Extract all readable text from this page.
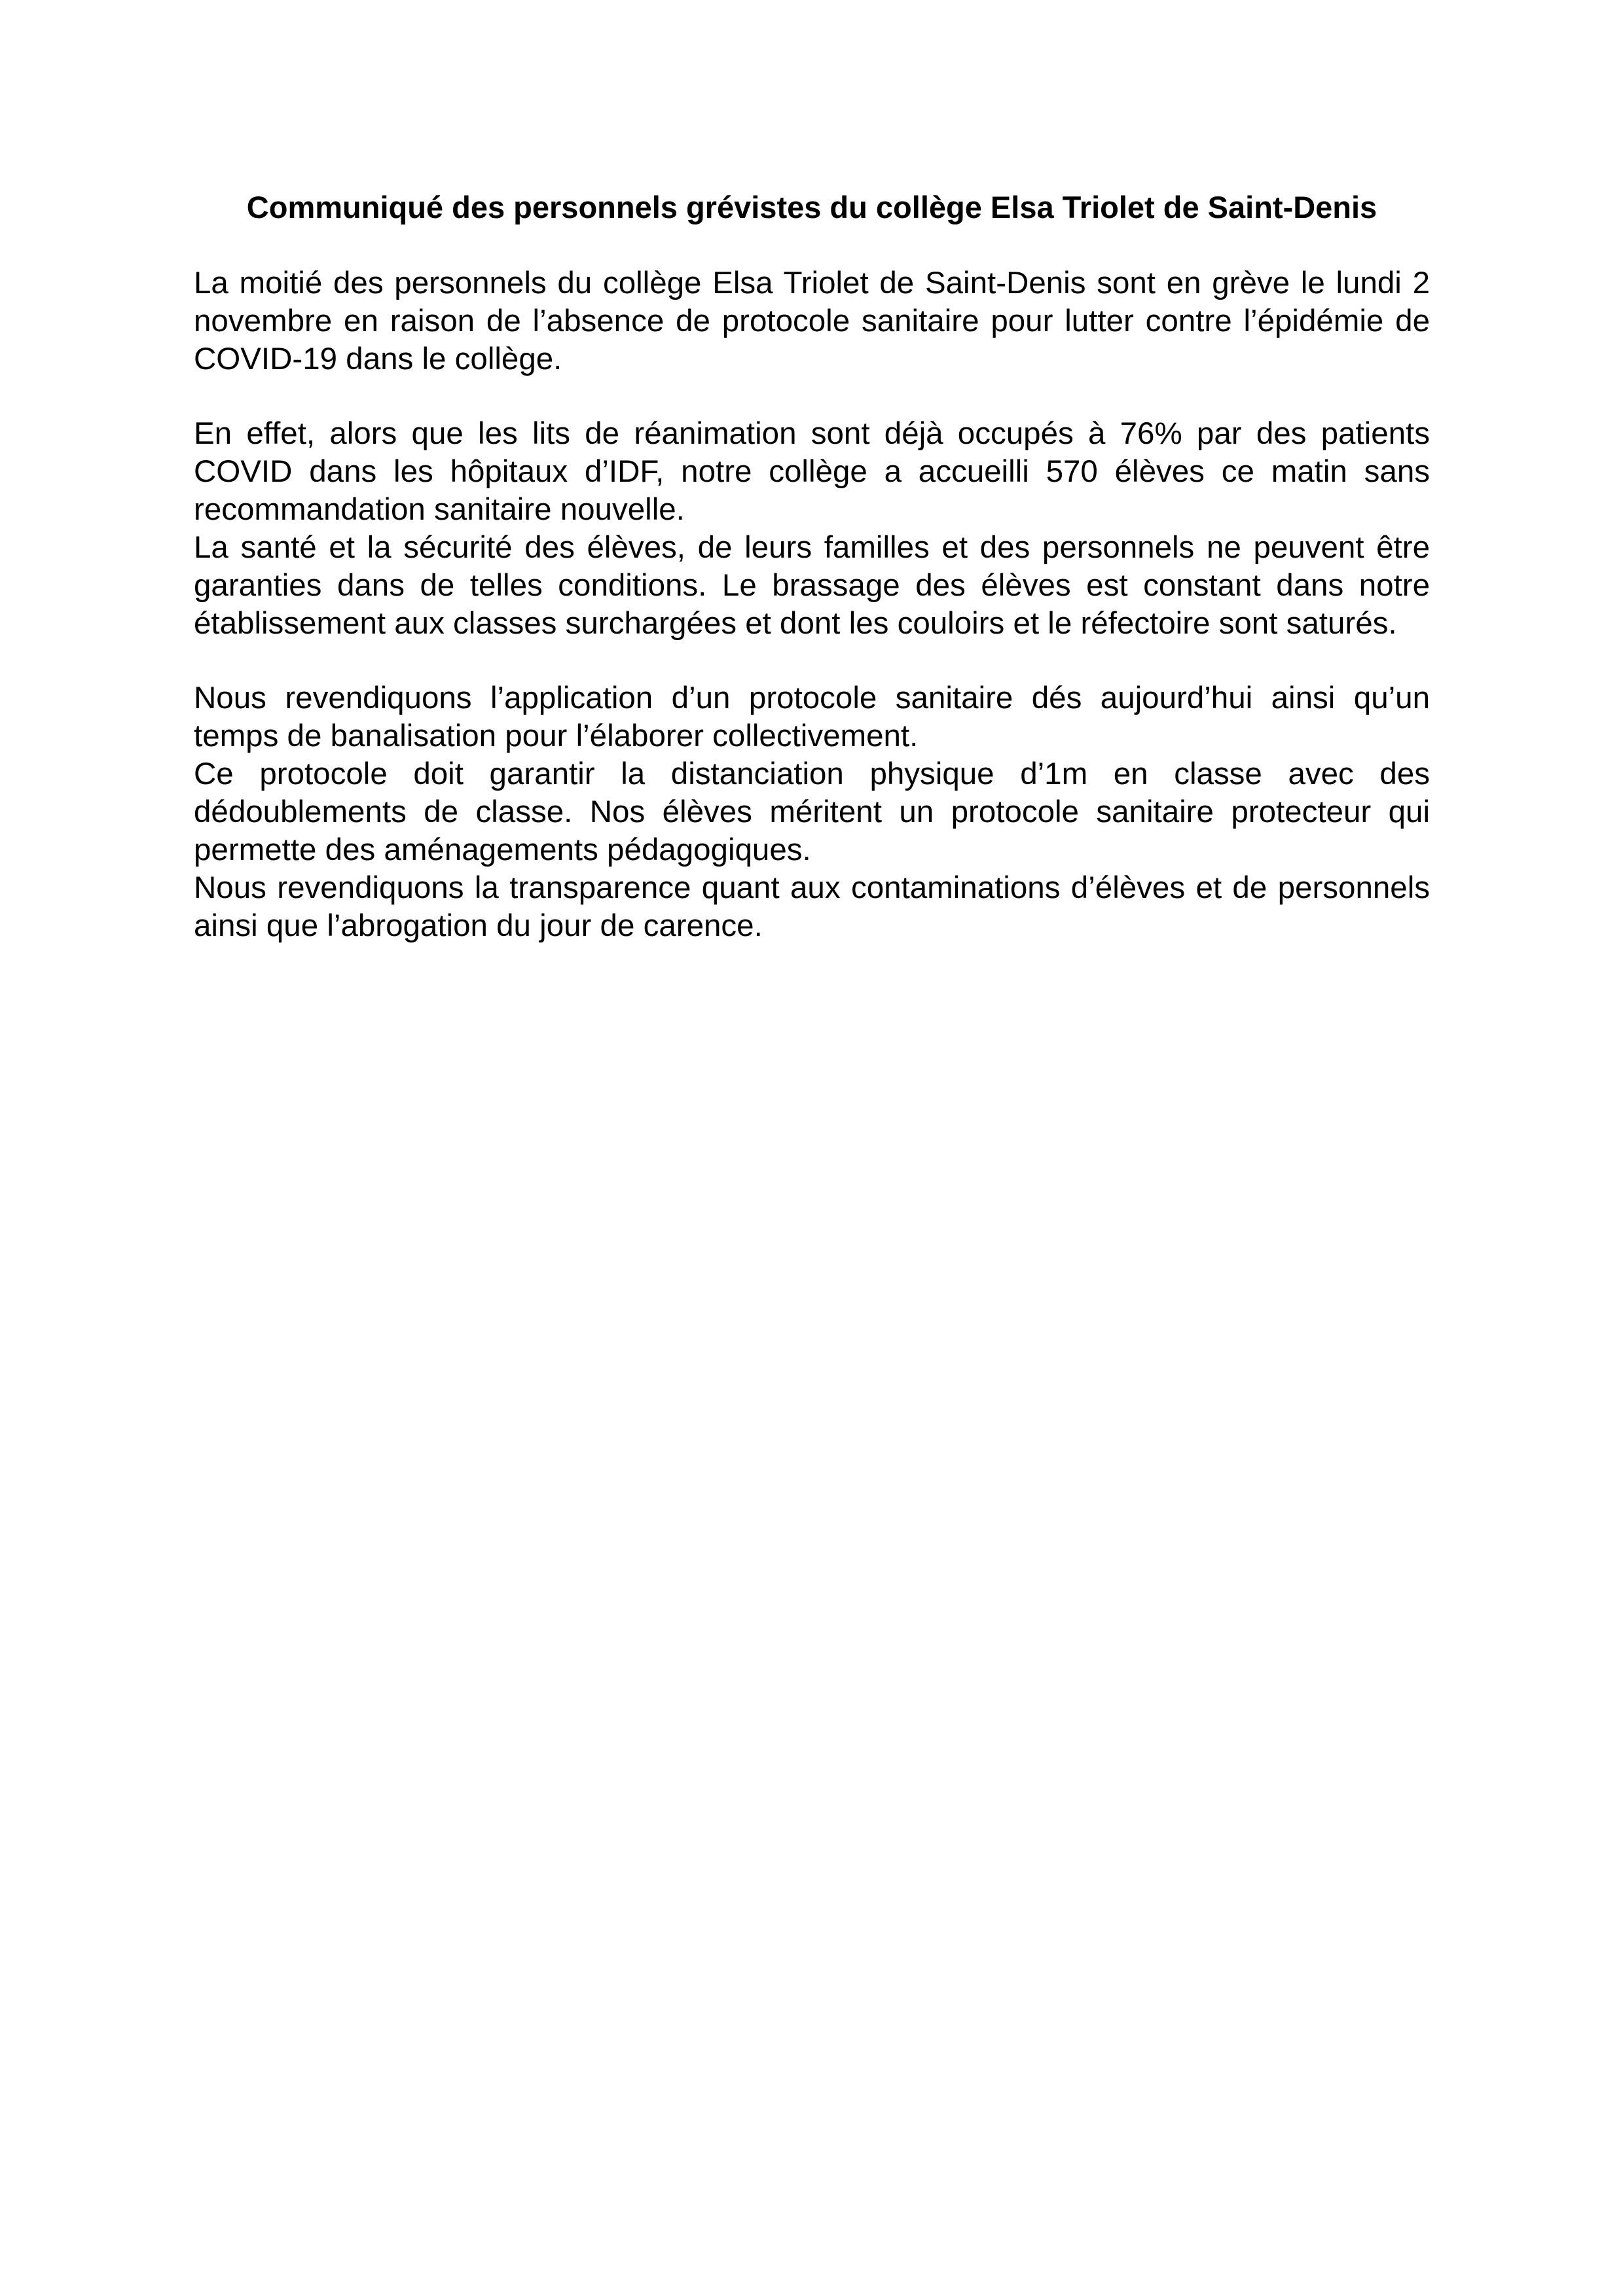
Communiqué des personnels grévistes du collège Elsa Triolet de Saint-Denis

La moitié des personnels du collège Elsa Triolet de Saint-Denis sont en grève le lundi 2 novembre en raison de l’absence de protocole sanitaire pour lutter contre l’épidémie de COVID-19 dans le collège.

En effet, alors que les lits de réanimation sont déjà occupés à 76% par des patients COVID dans les hôpitaux d’IDF, notre collège a accueilli 570 élèves ce matin sans recommandation sanitaire nouvelle.

La santé et la sécurité des élèves, de leurs familles et des personnels ne peuvent être garanties dans de telles conditions. Le brassage des élèves est constant dans notre établissement aux classes surchargées et dont les couloirs et le réfectoire sont saturés.

Nous revendiquons l’application d’un protocole sanitaire dés aujourd’hui ainsi qu’un temps de banalisation pour l’élaborer collectivement.

Ce protocole doit garantir la distanciation physique d’1m en classe avec des dédoublements de classe. Nos élèves méritent un protocole sanitaire protecteur qui permette des aménagements pédagogiques.

Nous revendiquons la transparence quant aux contaminations d’élèves et de personnels ainsi que l’abrogation du jour de carence.
